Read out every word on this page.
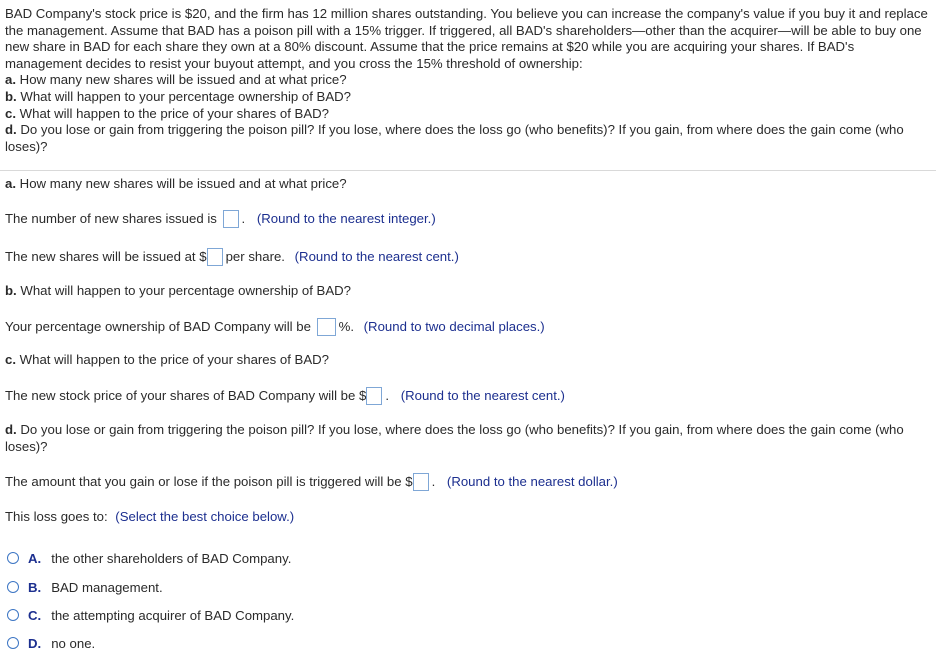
BAD Company's stock price is $20, and the firm has 12 million shares outstanding. You believe you can increase the company's value if you buy it and replace the management. Assume that BAD has a poison pill with a 15% trigger. If triggered, all BAD's shareholders—other than the acquirer—will be able to buy one new share in BAD for each share they own at a 80% discount. Assume that the price remains at $20 while you are acquiring your shares. If BAD's management decides to resist your buyout attempt, and you cross the 15% threshold of ownership:

a. How many new shares will be issued and at what price?

b. What will happen to your percentage ownership of BAD?

c. What will happen to the price of your shares of BAD?

d. Do you lose or gain from triggering the poison pill? If you lose, where does the loss go (who benefits)? If you gain, from where does the gain come (who loses)?

a. How many new shares will be issued and at what price?
The number of new shares issued is . (Round to the nearest integer.)
The new shares will be issued at $ per share. (Round to the nearest cent.)
b. What will happen to your percentage ownership of BAD?
Your percentage ownership of BAD Company will be %. (Round to two decimal places.)
c. What will happen to the price of your shares of BAD?
The new stock price of your shares of BAD Company will be $ . (Round to the nearest cent.)
d. Do you lose or gain from triggering the poison pill? If you lose, where does the loss go (who benefits)? If you gain, from where does the gain come (who loses)?
The amount that you gain or lose if the poison pill is triggered will be $ . (Round to the nearest dollar.)
This loss goes to: (Select the best choice below.)
A. the other shareholders of BAD Company.
B. BAD management.
C. the attempting acquirer of BAD Company.
D. no one.
